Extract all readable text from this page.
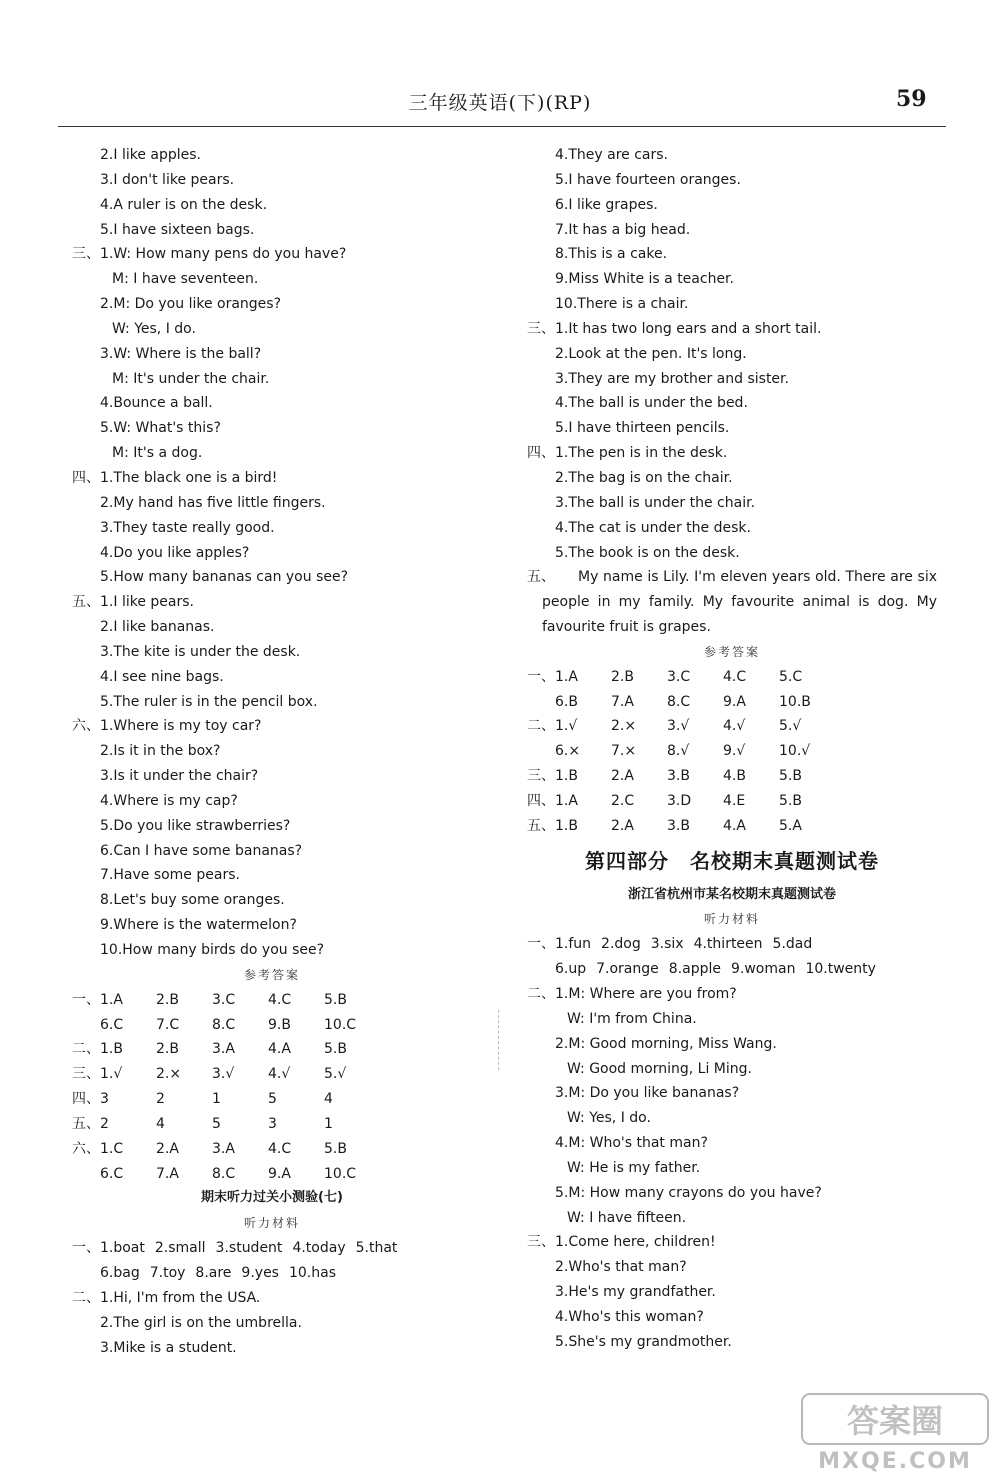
三年级英语(下)(RP)	59
2.I like apples.
3.I don't like pears.
4.A ruler is on the desk.
5.I have sixteen bags.
三、1.W: How many pens do you have?
M: I have seventeen.
2.M: Do you like oranges?
W: Yes, I do.
3.W: Where is the ball?
M: It's under the chair.
4.Bounce a ball.
5.W: What's this?
M: It's a dog.
四、1.The black one is a bird!
2.My hand has five little fingers.
3.They taste really good.
4.Do you like apples?
5.How many bananas can you see?
五、1.I like pears.
2.I like bananas.
3.The kite is under the desk.
4.I see nine bags.
5.The ruler is in the pencil box.
六、1.Where is my toy car?
2.Is it in the box?
3.Is it under the chair?
4.Where is my cap?
5.Do you like strawberries?
6.Can I have some bananas?
7.Have some pears.
8.Let's buy some oranges.
9.Where is the watermelon?
10.How many birds do you see?
参考答案
一、1.A 2.B 3.C 4.C 5.B
6.C 7.C 8.C 9.B 10.C
二、1.B 2.B 3.A 4.A 5.B
三、1.√ 2.× 3.√ 4.√ 5.√
四、3	2	1	5	4
五、2	4	5	3	1
六、1.C 2.A 3.A 4.C 5.B
6.C 7.A 8.C 9.A 10.C
期末听力过关小测验(七)
听力材料
一、1.boat 2.small 3.student 4.today 5.that
6.bag 7.toy 8.are 9.yes 10.has
二、1.Hi, I'm from the USA.
2.The girl is on the umbrella.
3.Mike is a student.
4.They are cars.
5.I have fourteen oranges.
6.I like grapes.
7.It has a big head.
8.This is a cake.
9.Miss White is a teacher.
10.There is a chair.
三、1.It has two long ears and a short tail.
2.Look at the pen. It's long.
3.They are my brother and sister.
4.The ball is under the bed.
5.I have thirteen pencils.
四、1.The pen is in the desk.
2.The bag is on the chair.
3.The ball is under the chair.
4.The cat is under the desk.
5.The book is on the desk.
五、	My name is Lily. I'm eleven years old. There are six people in my family. My favourite animal is dog. My favourite fruit is grapes.
参考答案
一、1.A 2.B 3.C 4.C 5.C
6.B 7.A 8.C 9.A 10.B
二、1.√ 2.× 3.√ 4.√ 5.√
6.× 7.× 8.√ 9.√ 10.√
三、1.B 2.A 3.B 4.B 5.B
四、1.A 2.C 3.D 4.E 5.B
五、1.B 2.A 3.B 4.A 5.A
第四部分　名校期末真题测试卷
浙江省杭州市某名校期末真题测试卷
听力材料
一、1.fun 2.dog 3.six 4.thirteen 5.dad
6.up 7.orange 8.apple 9.woman 10.twenty
二、1.M: Where are you from?
W: I'm from China.
2.M: Good morning, Miss Wang.
W: Good morning, Li Ming.
3.M: Do you like bananas?
W: Yes, I do.
4.M: Who's that man?
W: He is my father.
5.M: How many crayons do you have?
W: I have fifteen.
三、1.Come here, children!
2.Who's that man?
3.He's my grandfather.
4.Who's this woman?
5.She's my grandmother.
答案圈
MXQE.COM
